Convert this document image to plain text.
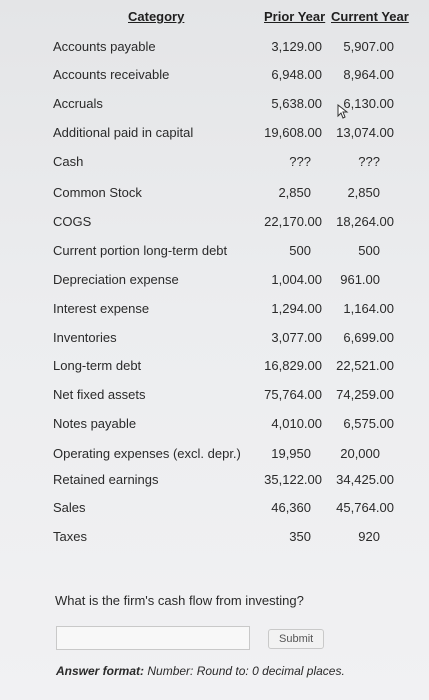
Category	Prior Year Current Year
Accounts payable	3,129.00 5,907.00
Accounts receivable	6,948.00 8,964.00
Accruals	5,638.00 6,130.00
Additional paid in capital	19,608.00 13,074.00
Cash	???	???
Common Stock	2,850	2,850
COGS	22,170.00 18,264.00
Current portion long-term debt	500	500
Depreciation expense	1,004.00 961.00
Interest expense	1,294.00 1,164.00
Inventories	3,077.00 6,699.00
Long-term debt	16,829.00 22,521.00
Net fixed assets	75,764.00 74,259.00
Notes payable	4,010.00 6,575.00
Operating expenses (excl. depr.) 19,950 20,000
Retained earnings	35,122.00 34,425.00
Sales	46,360 45,764.00
Taxes	350	920
What is the firm's cash flow from investing?
Submit
Answer format: Number: Round to: 0 decimal places.
